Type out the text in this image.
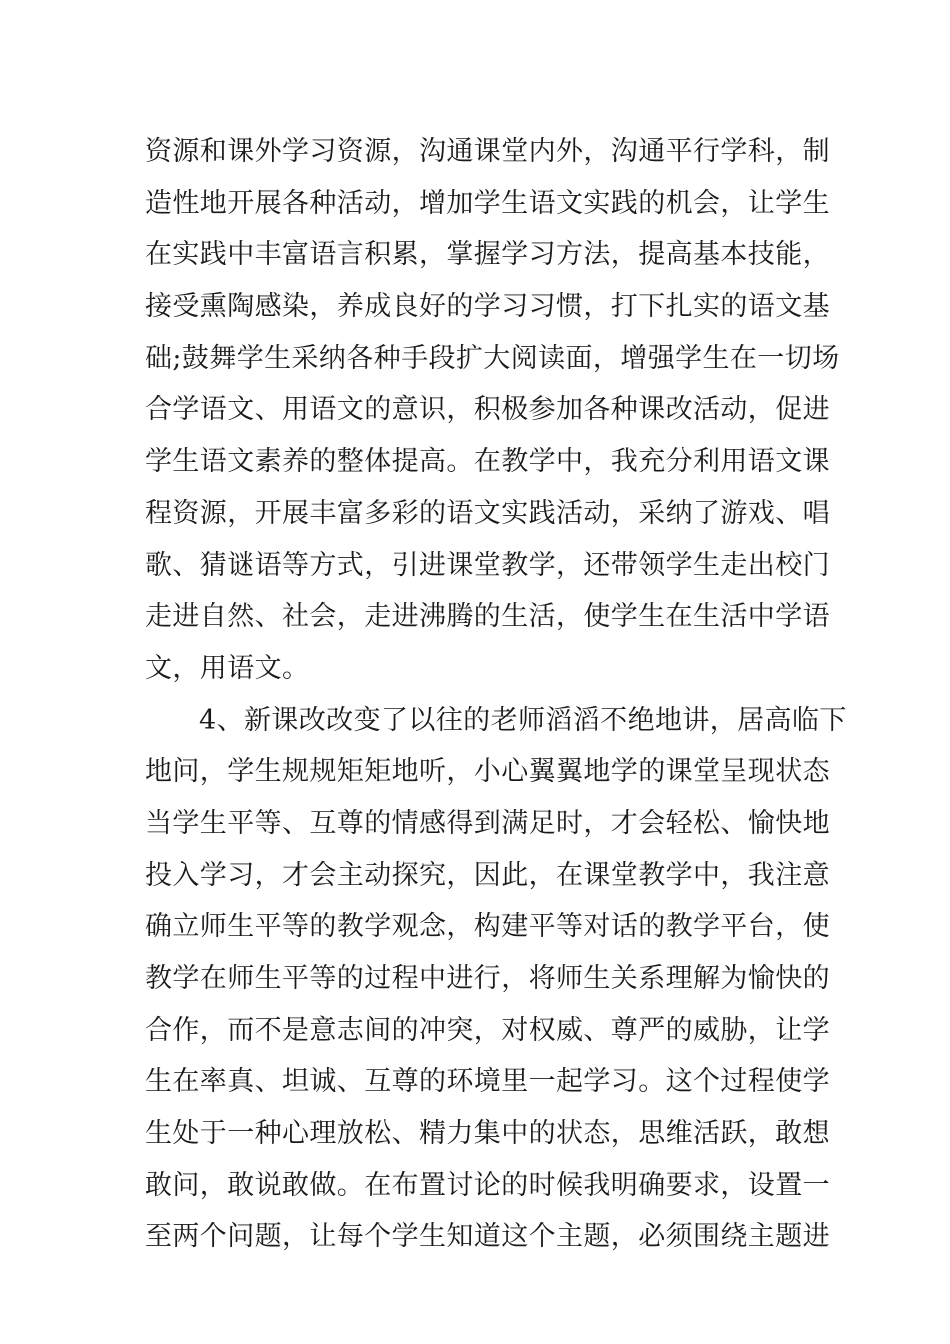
资源和课外学习资源，沟通课堂内外，沟通平行学科，制
造性地开展各种活动，增加学生语文实践的机会，让学生
在实践中丰富语言积累，掌握学习方法，提高基本技能，
接受熏陶感染，养成良好的学习习惯，打下扎实的语文基
础;鼓舞学生采纳各种手段扩大阅读面，增强学生在一切场
合学语文、用语文的意识，积极参加各种课改活动，促进
学生语文素养的整体提高。在教学中，我充分利用语文课
程资源，开展丰富多彩的语文实践活动，采纳了游戏、唱
歌、猜谜语等方式，引进课堂教学，还带领学生走出校门
走进自然、社会，走进沸腾的生活，使学生在生活中学语
文，用语文。
4、新课改改变了以往的老师滔滔不绝地讲，居高临下
地问，学生规规矩矩地听，小心翼翼地学的课堂呈现状态
当学生平等、互尊的情感得到满足时，才会轻松、愉快地
投入学习，才会主动探究，因此，在课堂教学中，我注意
确立师生平等的教学观念，构建平等对话的教学平台，使
教学在师生平等的过程中进行，将师生关系理解为愉快的
合作，而不是意志间的冲突，对权威、尊严的威胁，让学
生在率真、坦诚、互尊的环境里一起学习。这个过程使学
生处于一种心理放松、精力集中的状态，思维活跃，敢想
敢问，敢说敢做。在布置讨论的时候我明确要求，设置一
至两个问题，让每个学生知道这个主题，必须围绕主题进
